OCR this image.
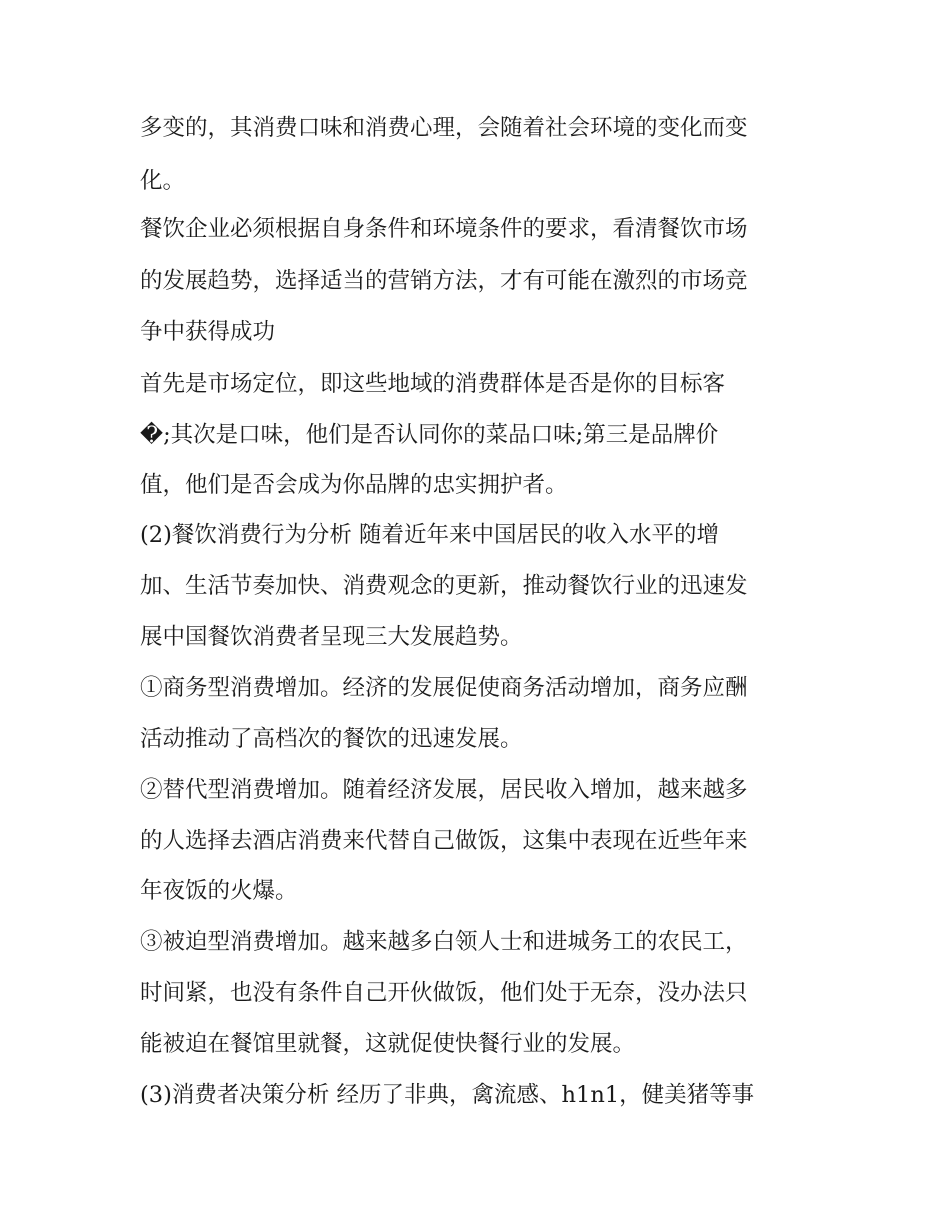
多变的，其消费口味和消费心理，会随着社会环境的变化而变

化。

餐饮企业必须根据自身条件和环境条件的要求，看清餐饮市场

的发展趋势，选择适当的营销方法，才有可能在激烈的市场竞

争中获得成功

首先是市场定位，即这些地域的消费群体是否是你的目标客

�;其次是口味，他们是否认同你的菜品口味;第三是品牌价

值，他们是否会成为你品牌的忠实拥护者。

(2)餐饮消费行为分析 随着近年来中国居民的收入水平的增

加、生活节奏加快、消费观念的更新，推动餐饮行业的迅速发

展中国餐饮消费者呈现三大发展趋势。

①商务型消费增加。经济的发展促使商务活动增加，商务应酬

活动推动了高档次的餐饮的迅速发展。

②替代型消费增加。随着经济发展，居民收入增加，越来越多

的人选择去酒店消费来代替自己做饭，这集中表现在近些年来

年夜饭的火爆。

③被迫型消费增加。越来越多白领人士和进城务工的农民工，

时间紧，也没有条件自己开伙做饭，他们处于无奈，没办法只

能被迫在餐馆里就餐，这就促使快餐行业的发展。

(3)消费者决策分析 经历了非典，禽流感、h1n1，健美猪等事
